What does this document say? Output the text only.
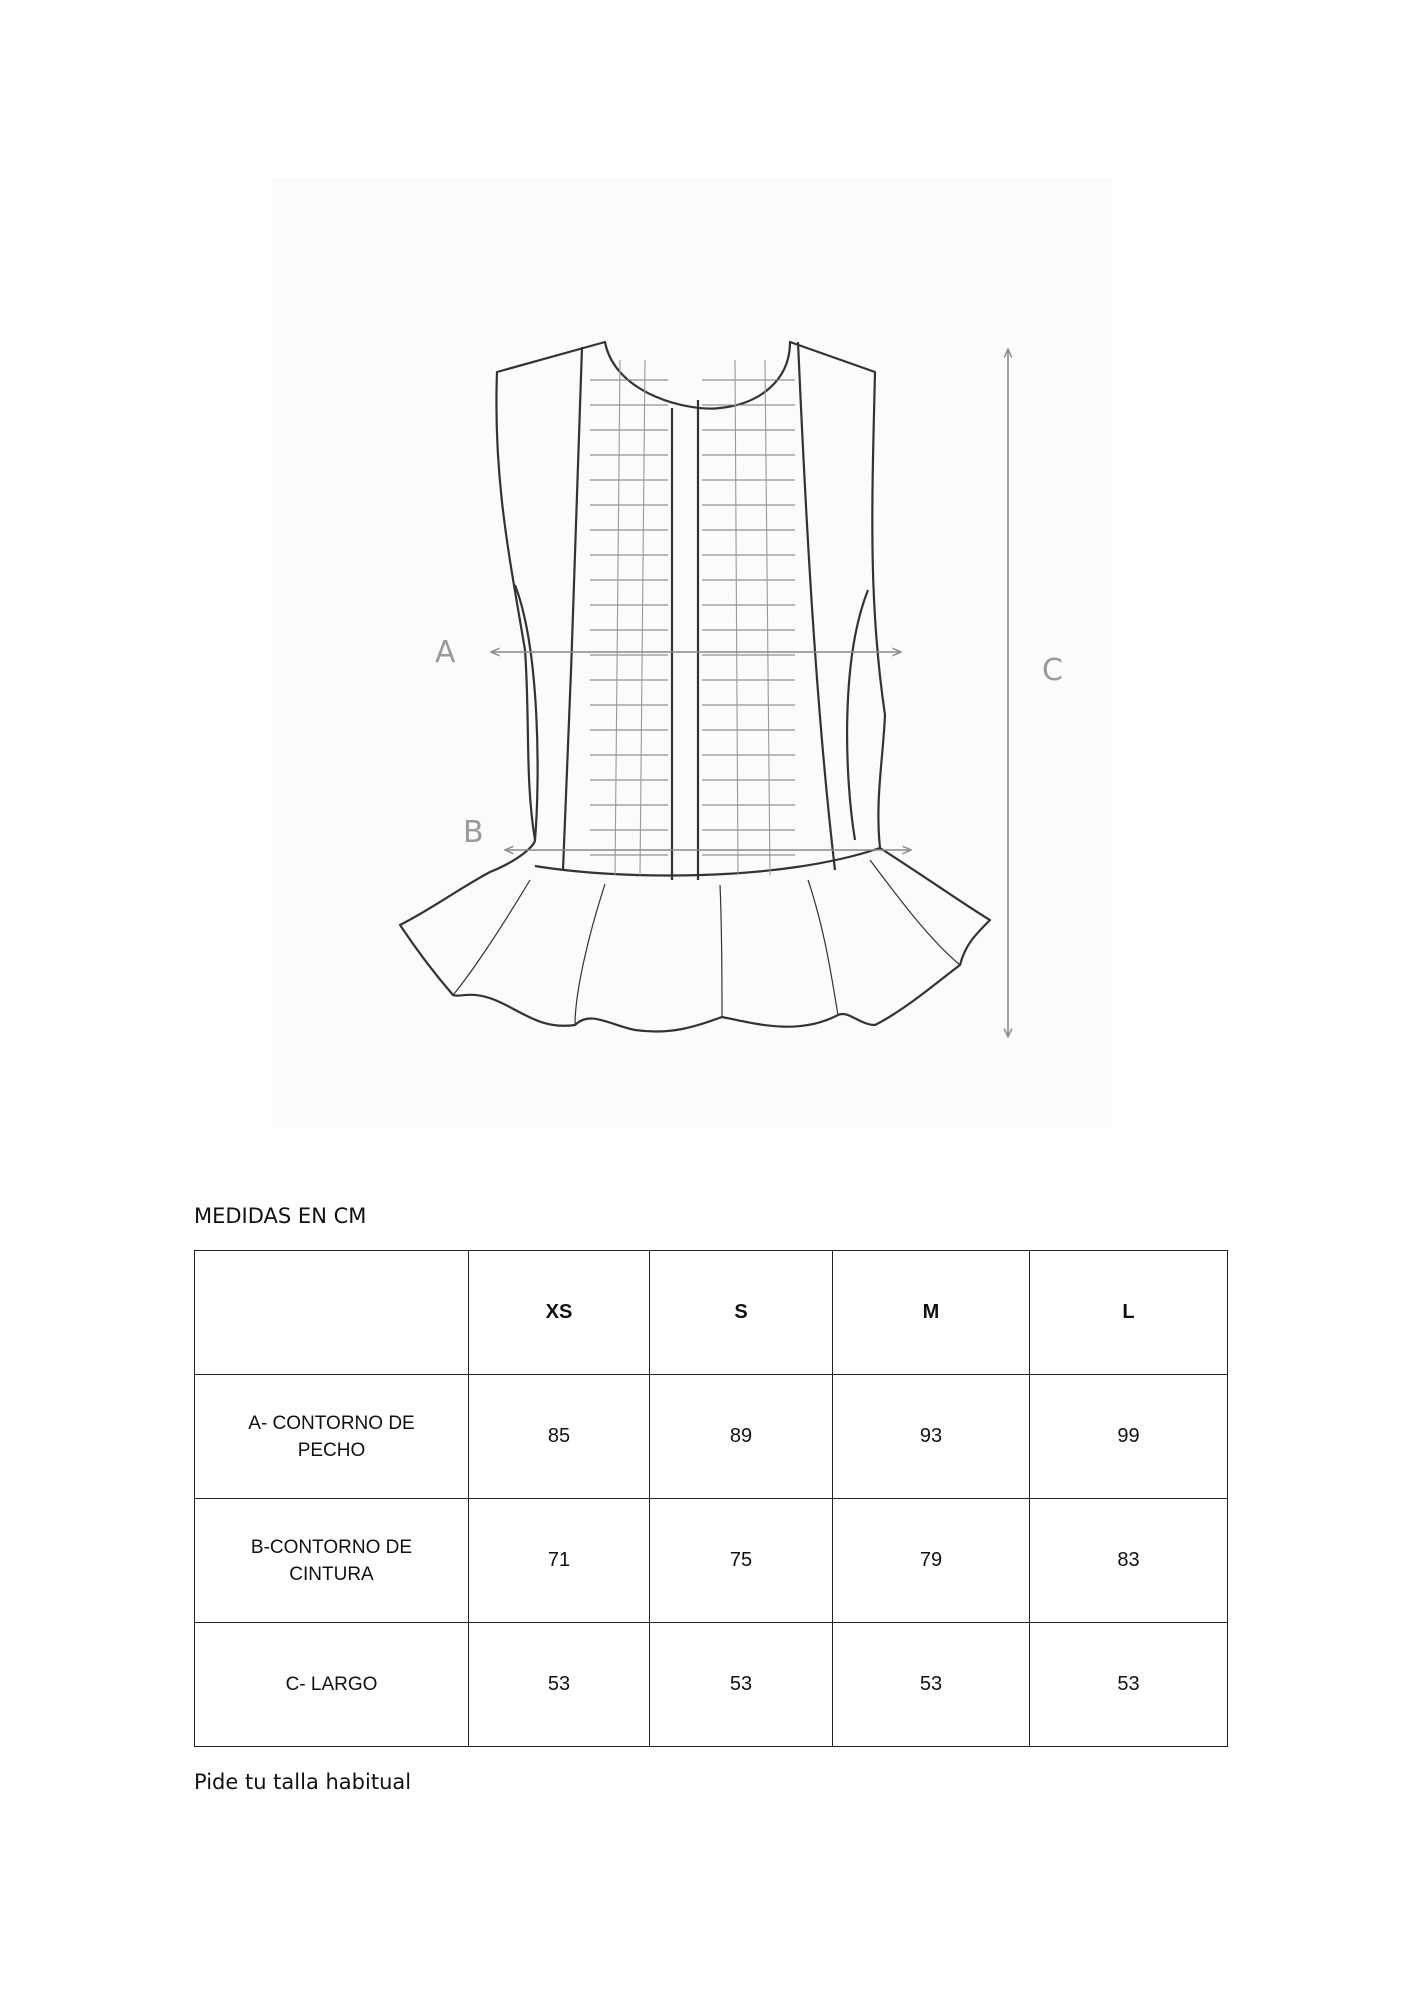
A
B
C
MEDIDAS EN CM
	XS	S	M	L
A- CONTORNO DE PECHO	85	89	93	99
B-CONTORNO DE CINTURA	71	75	79	83
C- LARGO	53	53	53	53
Pide tu talla habitual
